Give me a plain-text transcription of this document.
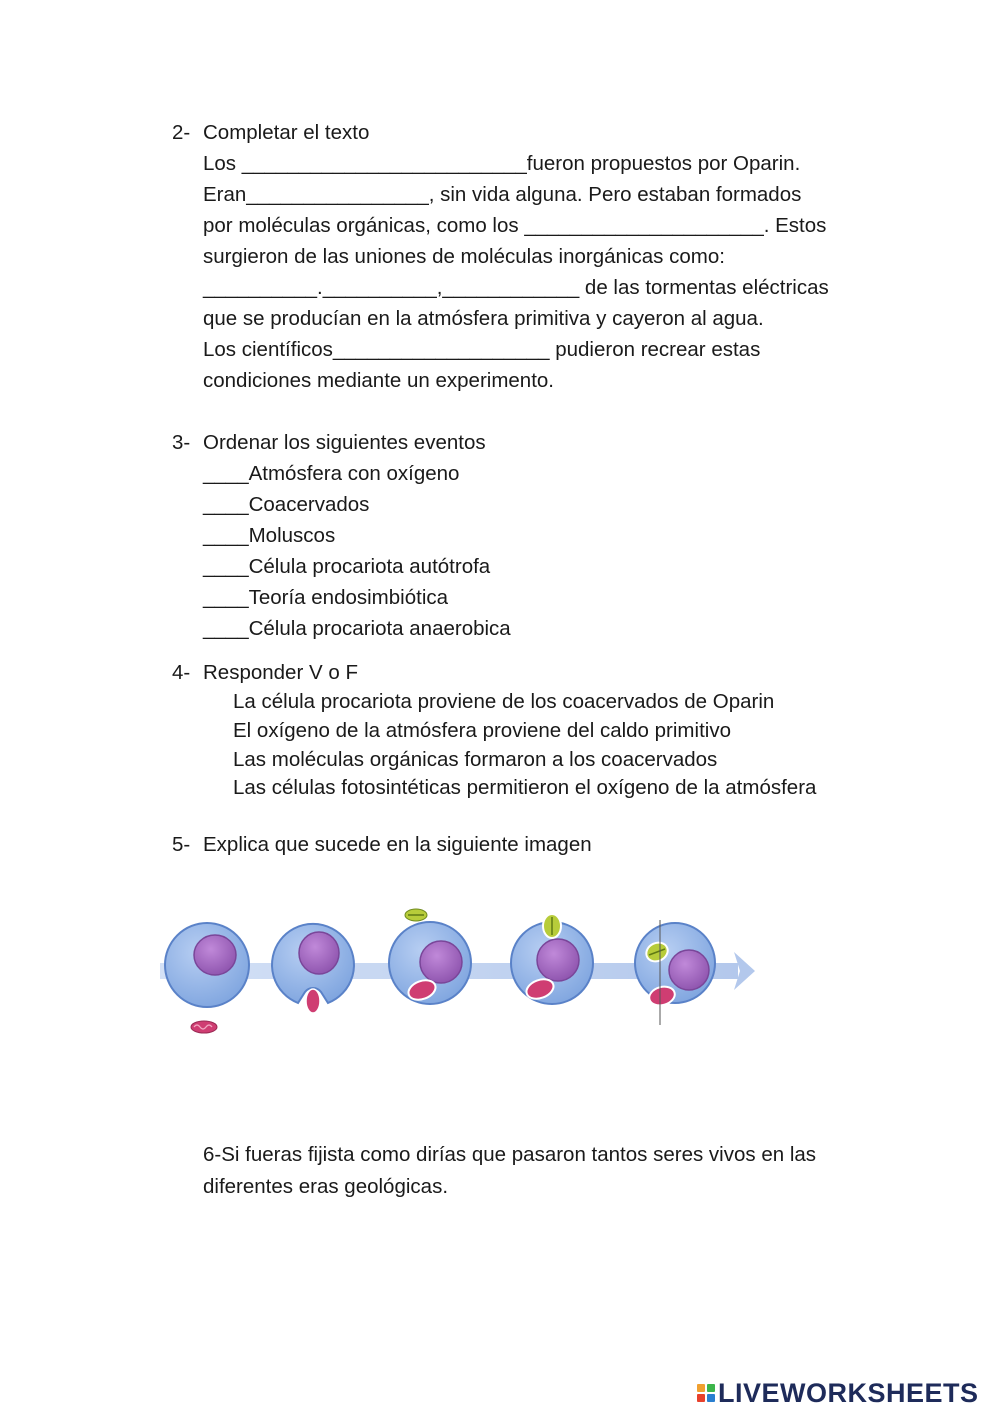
2- Completar el texto
Los _________________________fueron propuestos por Oparin.
Eran________________, sin vida alguna. Pero estaban formados
por moléculas orgánicas, como los _____________________. Estos
surgieron de las uniones de moléculas inorgánicas como:
__________.__________,____________ de las tormentas eléctricas
que se producían en la atmósfera primitiva y cayeron al agua.
Los científicos___________________ pudieron recrear estas
condiciones mediante un experimento.
3- Ordenar los siguientes eventos
____Atmósfera con oxígeno
____Coacervados
____Moluscos
____Célula procariota autótrofa
____Teoría endosimbiótica
____Célula procariota anaerobica
4- Responder V o F
La célula procariota proviene de los coacervados de Oparin
El oxígeno de la atmósfera proviene del caldo primitivo
Las moléculas orgánicas formaron a los coacervados
Las células fotosintéticas permitieron el oxígeno de la atmósfera
5- Explica que sucede en la siguiente imagen
6-Si fueras fijista como dirías que pasaron tantos seres vivos en las
diferentes eras geológicas.
LIVEWORKSHEETS
